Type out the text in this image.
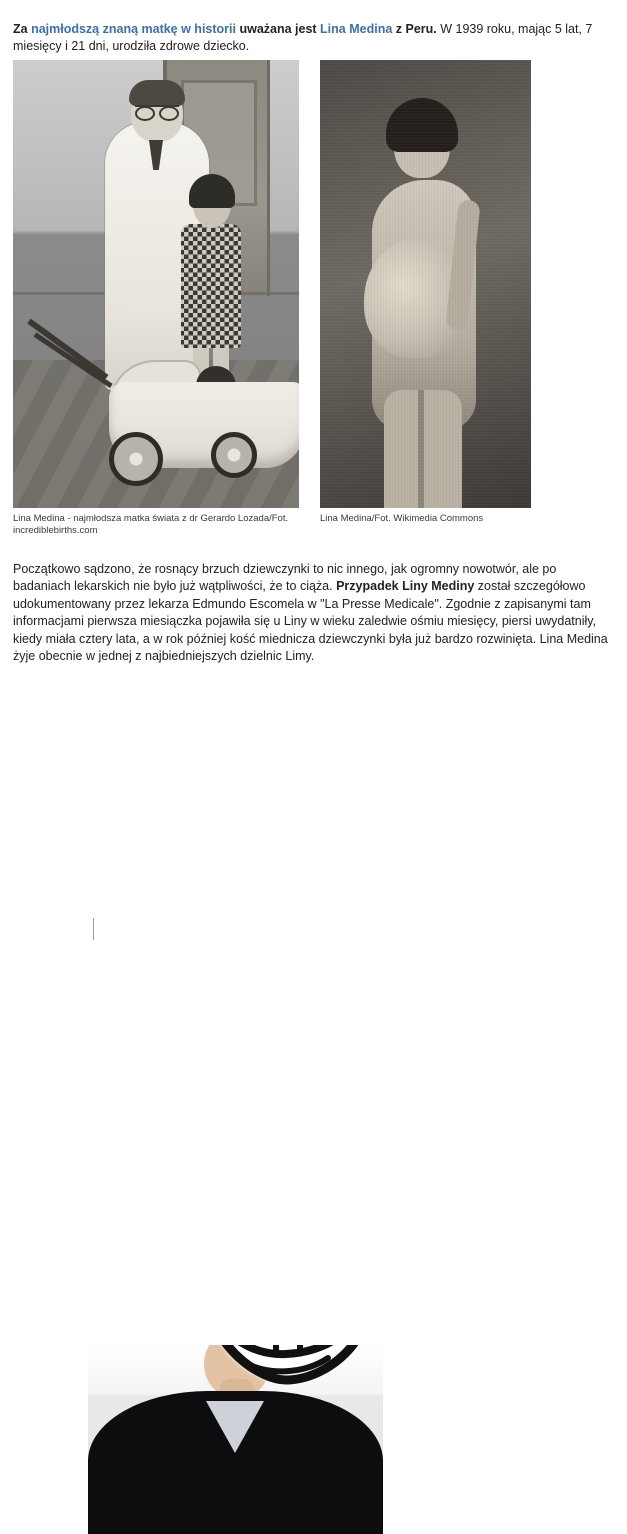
Za najmłodszą znaną matkę w historii uważana jest Lina Medina z Peru. W 1939 roku, mając 5 lat, 7 miesięcy i 21 dni, urodziła zdrowe dziecko.

Lina Medina - najmłodsza matka świata z dr Gerardo Lozada/Fot. incrediblebirths.com
Lina Medina/Fot. Wikimedia Commons

Początkowo sądzono, że rosnący brzuch dziewczynki to nic innego, jak ogromny nowotwór, ale po badaniach lekarskich nie było już wątpliwości, że to ciąża. Przypadek Liny Mediny został szczegółowo udokumentowany przez lekarza Edmundo Escomela w "La Presse Medicale". Zgodnie z zapisanymi tam informacjami pierwsza miesiączka pojawiła się u Liny w wieku zaledwie ośmiu miesięcy, piersi uwydatniły, kiedy miała cztery lata, a w rok później kość miednicza dziewczynki była już bardzo rozwinięta. Lina Medina żyje obecnie w jednej z najbiedniejszych dzielnic Limy.
